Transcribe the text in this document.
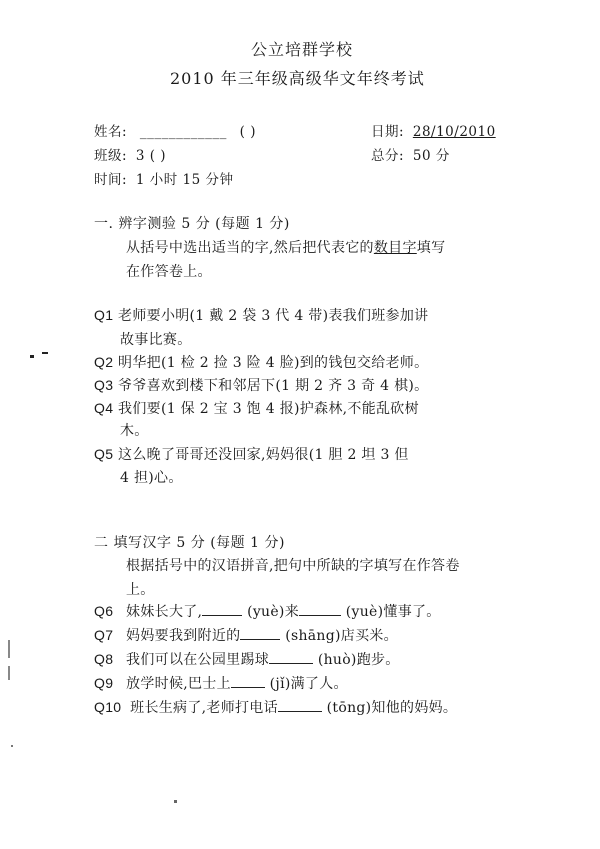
公立培群学校
2010 年三年级高级华文年终考试
姓名: ____________ ( )	日期: 28/10/2010
班级: 3 ( )	总分: 50 分
时间: 1 小时 15 分钟
一. 辨字测验 5 分 (每题 1 分)
从括号中选出适当的字,然后把代表它的数目字填写
在作答卷上。
Q1 老师要小明(1 戴 2 袋 3 代 4 带)表我们班参加讲
故事比赛。
Q2 明华把(1 检 2 捡 3 险 4 脸)到的钱包交给老师。
Q3 爷爷喜欢到楼下和邻居下(1 期 2 齐 3 奇 4 棋)。
Q4 我们要(1 保 2 宝 3 饱 4 报)护森林,不能乱砍树
木。
Q5 这么晚了哥哥还没回家,妈妈很(1 胆 2 坦 3 但
4 担)心。
二 填写汉字 5 分 (每题 1 分)
根据括号中的汉语拼音,把句中所缺的字填写在作答卷
上。
Q6 妹妹长大了,	(yuè)来	(yuè)懂事了。
Q7 妈妈要我到附近的	(shāng)店买米。
Q8 我们可以在公园里踢球	(huò)跑步。
Q9 放学时候,巴士上	(jǐ)满了人。
Q10 班长生病了,老师打电话	(tōng)知他的妈妈。
